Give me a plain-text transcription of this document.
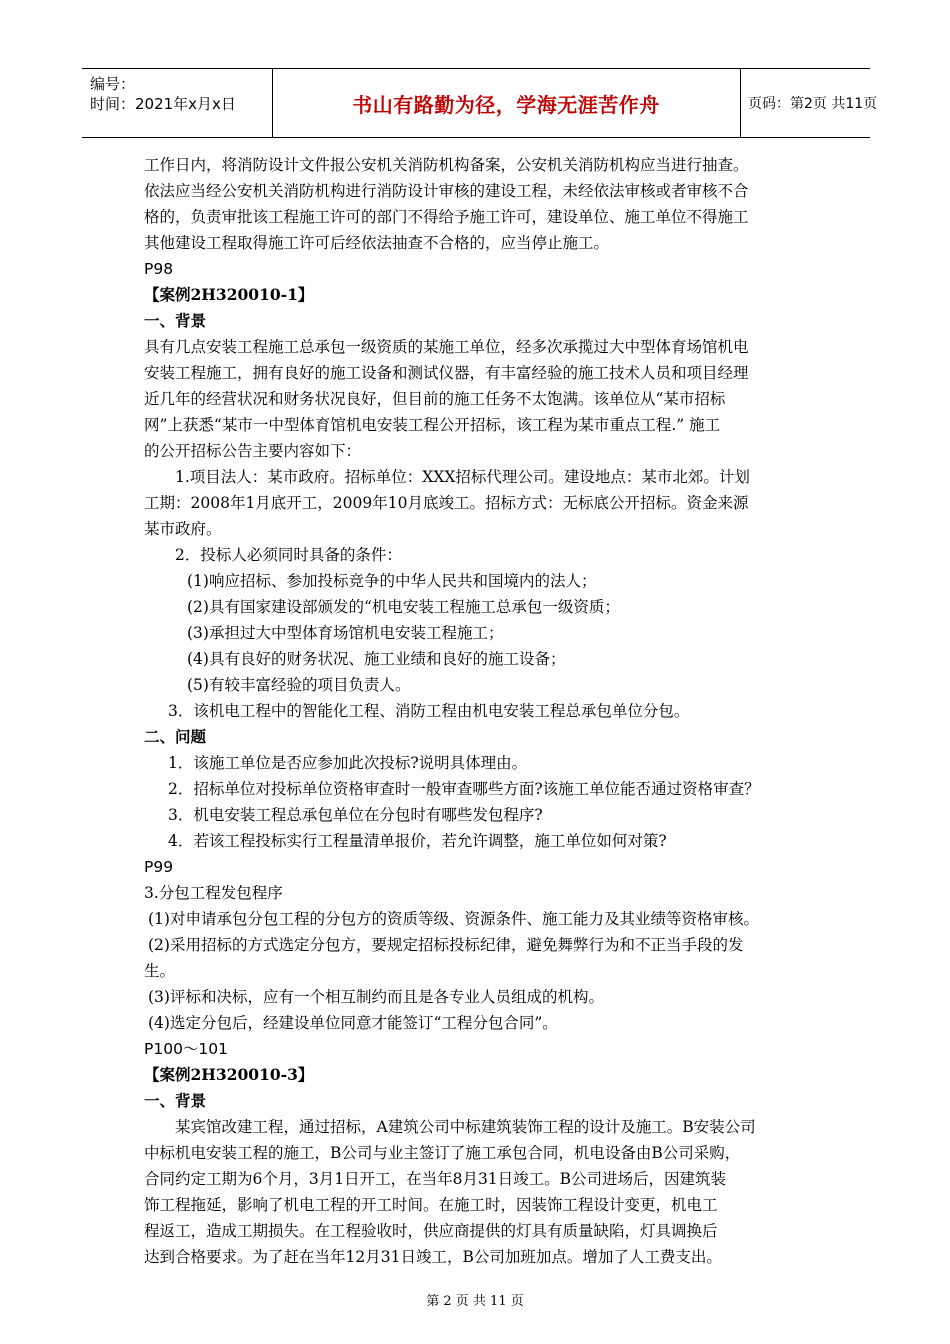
编号：
时间：2021年x月x日	书山有路勤为径，学海无涯苦作舟	页码：第2页 共11页
工作日内，将消防设计文件报公安机关消防机构备案，公安机关消防机构应当进行抽查。
依法应当经公安机关消防机构进行消防设计审核的建设工程，未经依法审核或者审核不合
格的，负责审批该工程施工许可的部门不得给予施工许可，建设单位、施工单位不得施工
其他建设工程取得施工许可后经依法抽查不合格的，应当停止施工。
P98
【案例2H320010-1】
一、背景
具有几点安装工程施工总承包一级资质的某施工单位，经多次承揽过大中型体育场馆机电
安装工程施工，拥有良好的施工设备和测试仪器，有丰富经验的施工技术人员和项目经理
近几年的经营状况和财务状况良好，但目前的施工任务不太饱满。该单位从“某市招标
网”上获悉“某市一中型体育馆机电安装工程公开招标，该工程为某市重点工程.” 施工
的公开招标公告主要内容如下：
1.项目法人：某市政府。招标单位：XXX招标代理公司。建设地点：某市北郊。计划
工期：2008年1月底开工，2009年10月底竣工。招标方式：无标底公开招标。资金来源
某市政府。
2．投标人必须同时具备的条件：
(1)响应招标、参加投标竞争的中华人民共和国境内的法人；
(2)具有国家建设部颁发的“机电安装工程施工总承包一级资质；
(3)承担过大中型体育场馆机电安装工程施工；
(4)具有良好的财务状况、施工业绩和良好的施工设备；
(5)有较丰富经验的项目负责人。
3．该机电工程中的智能化工程、消防工程由机电安装工程总承包单位分包。
二、问题
1．该施工单位是否应参加此次投标?说明具体理由。
2．招标单位对投标单位资格审查时一般审查哪些方面?该施工单位能否通过资格审查？
3．机电安装工程总承包单位在分包时有哪些发包程序?
4．若该工程投标实行工程量清单报价，若允许调整，施工单位如何对策?
P99
3.分包工程发包程序
(1)对申请承包分包工程的分包方的资质等级、资源条件、施工能力及其业绩等资格审核。
(2)采用招标的方式选定分包方，要规定招标投标纪律，避免舞弊行为和不正当手段的发
生。
(3)评标和决标，应有一个相互制约而且是各专业人员组成的机构。
(4)选定分包后，经建设单位同意才能签订“工程分包合同”。
P100～101
【案例2H320010-3】
一、背景
某宾馆改建工程，通过招标，A建筑公司中标建筑装饰工程的设计及施工。B安装公司
中标机电安装工程的施工，B公司与业主签订了施工承包合同，机电设备由B公司采购，
合同约定工期为6个月，3月1日开工，在当年8月31日竣工。B公司进场后，因建筑装
饰工程拖延，影响了机电工程的开工时间。在施工时，因装饰工程设计变更，机电工
程返工，造成工期损失。在工程验收时，供应商提供的灯具有质量缺陷，灯具调换后
达到合格要求。为了赶在当年12月31日竣工，B公司加班加点。增加了人工费支出。
第 2 页 共 11 页
